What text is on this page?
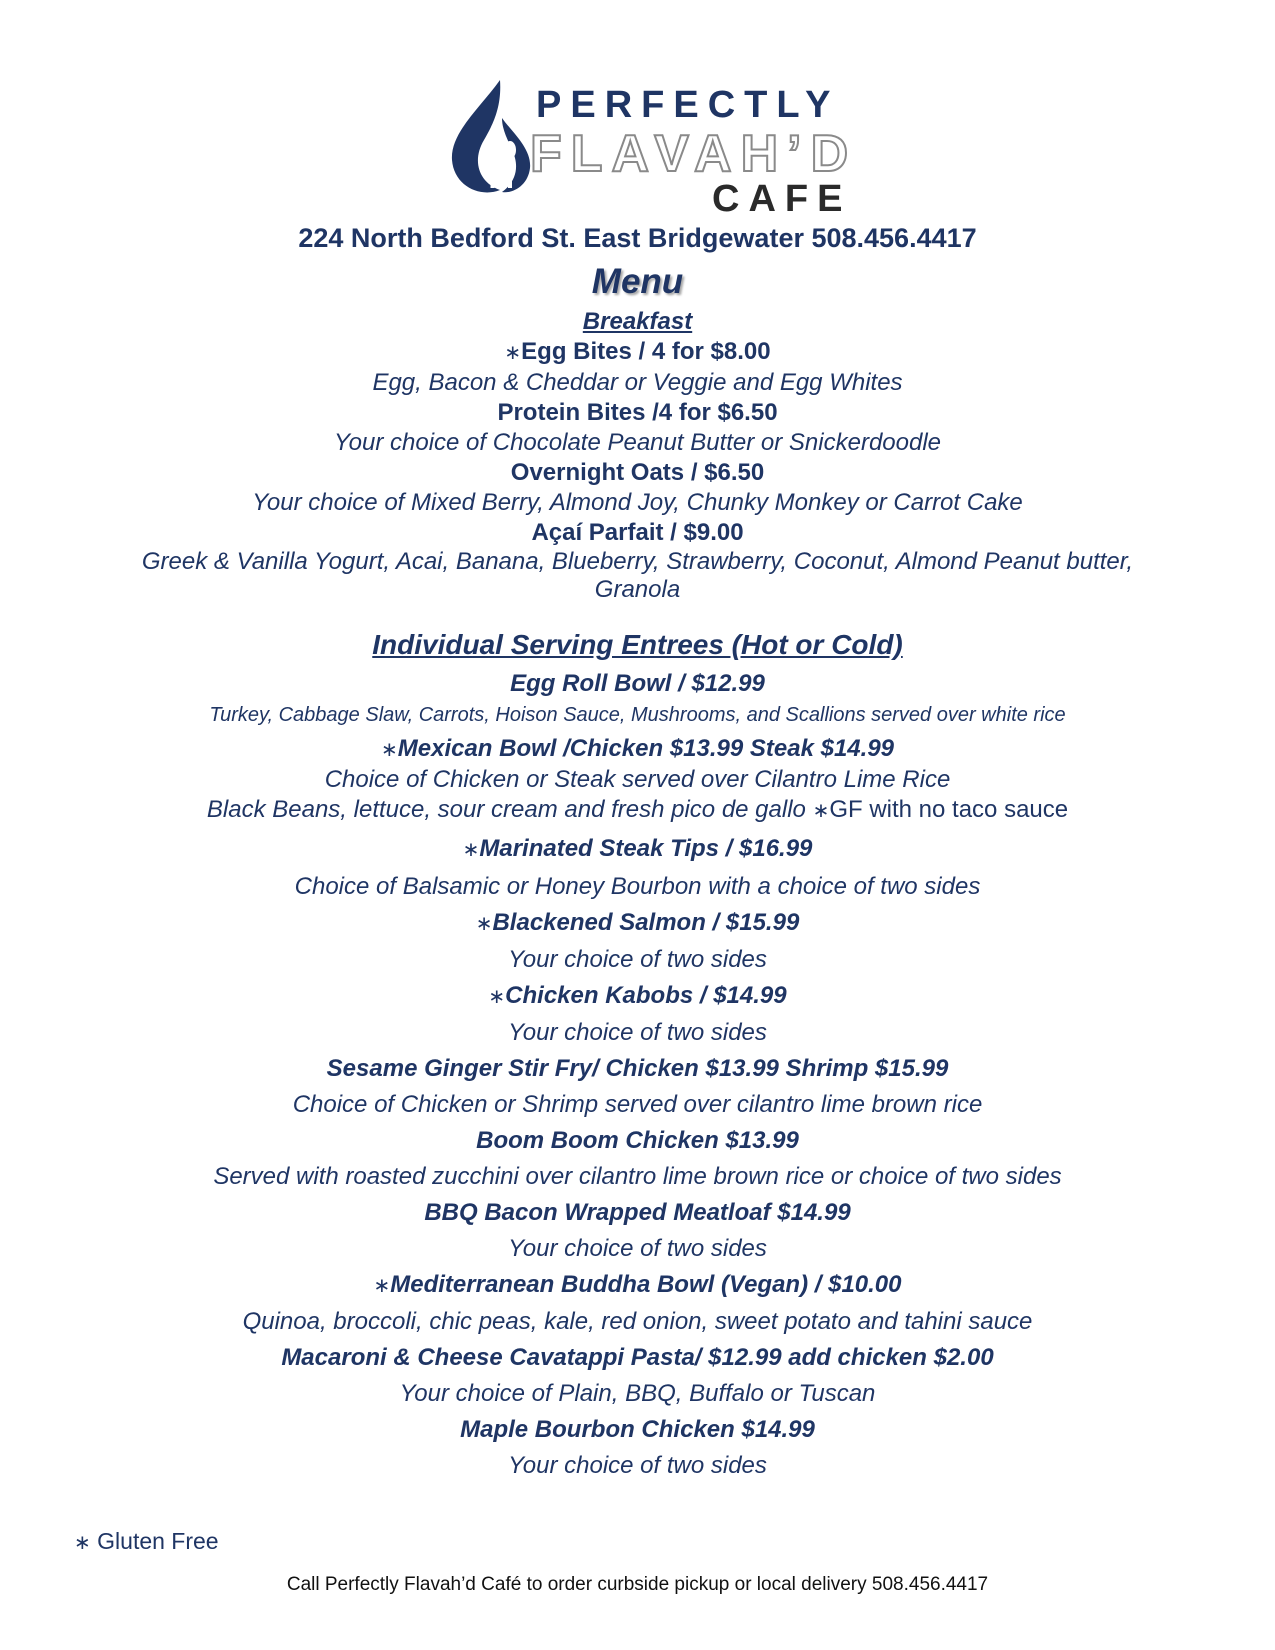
PERFECTLY
FLAVAH’D
CAFE
224 North Bedford St. East Bridgewater 508.456.4417
Menu
Breakfast
∗Egg Bites / 4 for $8.00
Egg, Bacon & Cheddar or Veggie and Egg Whites
Protein Bites /4 for $6.50
Your choice of Chocolate Peanut Butter or Snickerdoodle
Overnight Oats / $6.50
Your choice of Mixed Berry, Almond Joy, Chunky Monkey or Carrot Cake
Açaí Parfait / $9.00
Greek & Vanilla Yogurt, Acai, Banana, Blueberry, Strawberry, Coconut, Almond Peanut butter,
Granola
Individual Serving Entrees (Hot or Cold)
Egg Roll Bowl / $12.99
Turkey, Cabbage Slaw, Carrots, Hoison Sauce, Mushrooms, and Scallions served over white rice
∗Mexican Bowl /Chicken $13.99 Steak $14.99
Choice of Chicken or Steak served over Cilantro Lime Rice
Black Beans, lettuce, sour cream and fresh pico de gallo ∗GF with no taco sauce
∗Marinated Steak Tips / $16.99
Choice of Balsamic or Honey Bourbon with a choice of two sides
∗Blackened Salmon / $15.99
Your choice of two sides
∗Chicken Kabobs / $14.99
Your choice of two sides
Sesame Ginger Stir Fry/ Chicken $13.99 Shrimp $15.99
Choice of Chicken or Shrimp served over cilantro lime brown rice
Boom Boom Chicken $13.99
Served with roasted zucchini over cilantro lime brown rice or choice of two sides
BBQ Bacon Wrapped Meatloaf $14.99
Your choice of two sides
∗Mediterranean Buddha Bowl (Vegan) / $10.00
Quinoa, broccoli, chic peas, kale, red onion, sweet potato and tahini sauce
Macaroni & Cheese Cavatappi Pasta/ $12.99 add chicken $2.00
Your choice of Plain, BBQ, Buffalo or Tuscan
Maple Bourbon Chicken $14.99
Your choice of two sides
∗ Gluten Free
Call Perfectly Flavah’d Café to order curbside pickup or local delivery 508.456.4417
